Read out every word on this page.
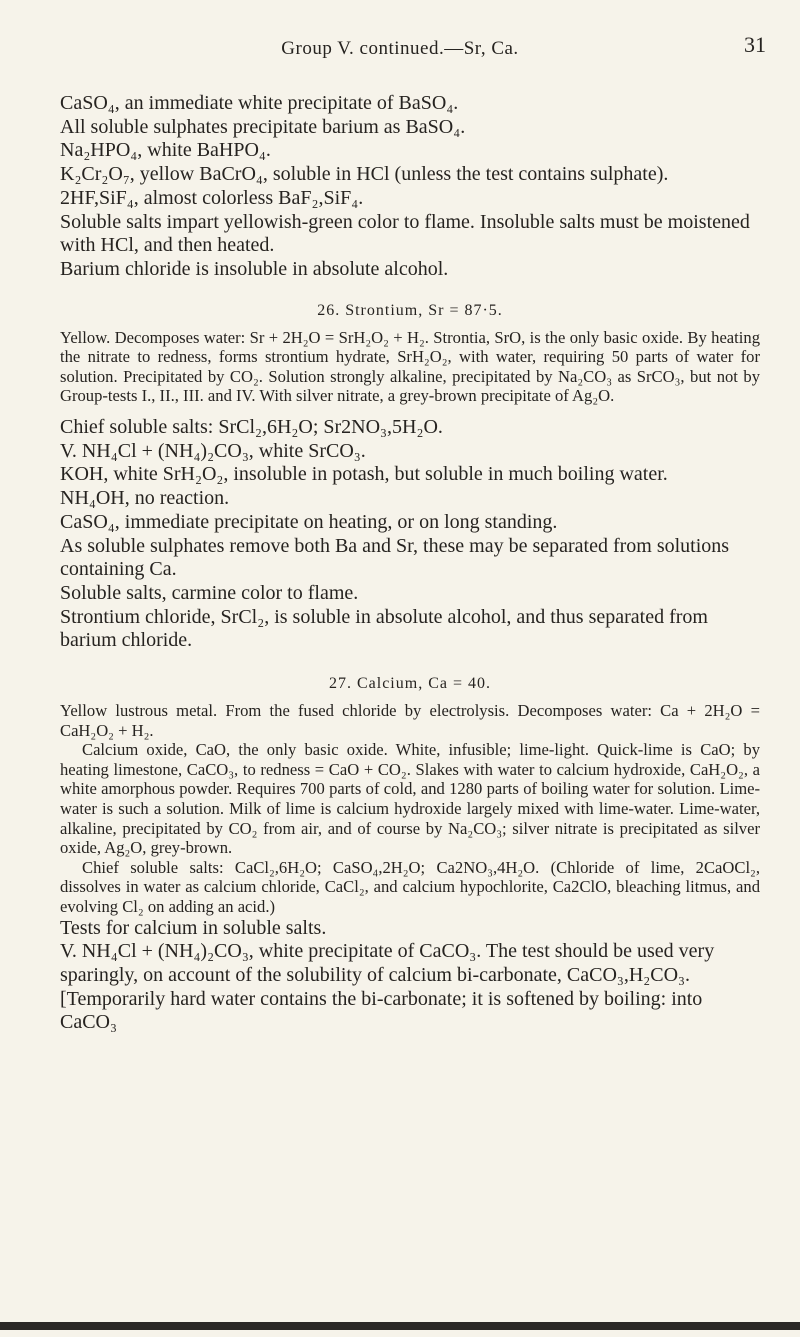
Group V. continued.—Sr, Ca.	31

CaSO₄, an immediate white precipitate of BaSO₄.

All soluble sulphates precipitate barium as BaSO₄.

Na₂HPO₄, white BaHPO₄.

K₂Cr₂O₇, yellow BaCrO₄, soluble in HCl (unless the test contains sulphate).

2HF,SiF₄, almost colorless BaF₂,SiF₄.

Soluble salts impart yellowish-green color to flame. Insoluble salts must be moistened with HCl, and then heated.

Barium chloride is insoluble in absolute alcohol.

26. Strontium, Sr = 87·5.

Yellow. Decomposes water: Sr + 2H₂O = SrH₂O₂ + H₂. Strontia, SrO, is the only basic oxide. By heating the nitrate to redness, forms strontium hydrate, SrH₂O₂, with water, requiring 50 parts of water for solution. Precipitated by CO₂. Solution strongly alkaline, precipitated by Na₂CO₃ as SrCO₃, but not by Group-tests I., II., III. and IV. With silver nitrate, a grey-brown precipitate of Ag₂O.

Chief soluble salts: SrCl₂,6H₂O; Sr2NO₃,5H₂O.

V. NH₄Cl + (NH₄)₂CO₃, white SrCO₃.

KOH, white SrH₂O₂, insoluble in potash, but soluble in much boiling water.

NH₄OH, no reaction.

CaSO₄, immediate precipitate on heating, or on long standing.

As soluble sulphates remove both Ba and Sr, these may be separated from solutions containing Ca.

Soluble salts, carmine color to flame.

Strontium chloride, SrCl₂, is soluble in absolute alcohol, and thus separated from barium chloride.

27. Calcium, Ca = 40.

Yellow lustrous metal. From the fused chloride by electrolysis. Decomposes water: Ca + 2H₂O = CaH₂O₂ + H₂.

Calcium oxide, CaO, the only basic oxide. White, infusible; lime-light. Quick-lime is CaO; by heating limestone, CaCO₃, to redness = CaO + CO₂. Slakes with water to calcium hydroxide, CaH₂O₂, a white amorphous powder. Requires 700 parts of cold, and 1280 parts of boiling water for solution. Lime-water is such a solution. Milk of lime is calcium hydroxide largely mixed with lime-water. Lime-water, alkaline, precipitated by CO₂ from air, and of course by Na₂CO₃; silver nitrate is precipitated as silver oxide, Ag₂O, grey-brown.

Chief soluble salts: CaCl₂,6H₂O; CaSO₄,2H₂O; Ca2NO₃,4H₂O. (Chloride of lime, 2CaOCl₂, dissolves in water as calcium chloride, CaCl₂, and calcium hypochlorite, Ca2ClO, bleaching litmus, and evolving Cl₂ on adding an acid.)

Tests for calcium in soluble salts.

V. NH₄Cl + (NH₄)₂CO₃, white precipitate of CaCO₃. The test should be used very sparingly, on account of the solubility of calcium bi-carbonate, CaCO₃,H₂CO₃. [Temporarily hard water contains the bi-carbonate; it is softened by boiling: into CaCO₃
